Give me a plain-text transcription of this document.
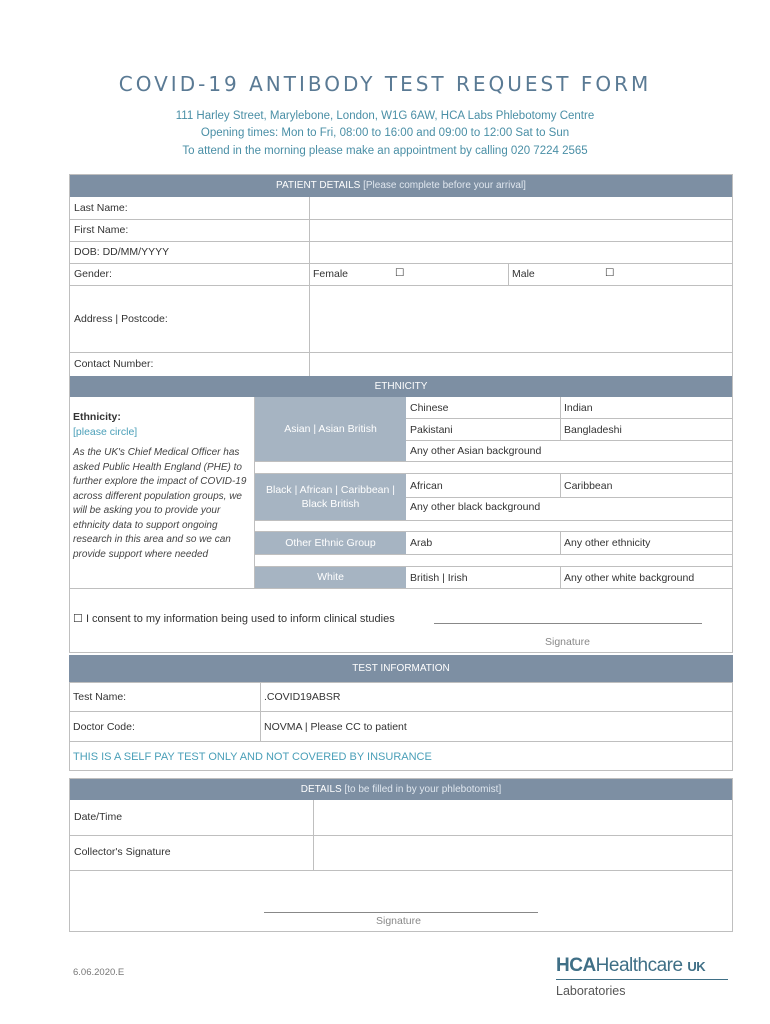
COVID-19 ANTIBODY TEST REQUEST FORM
111 Harley Street, Marylebone, London, W1G 6AW, HCA Labs Phlebotomy Centre
Opening times: Mon to Fri, 08:00 to 16:00 and 09:00 to 12:00 Sat to Sun
To attend in the morning please make an appointment by calling 020 7224 2565
PATIENT DETAILS [Please complete before your arrival]
Last Name:
First Name:
DOB: DD/MM/YYYY
Gender:	Female	☐	Male	☐
Address | Postcode:
Contact Number:
ETHNICITY
Ethnicity:
[please circle]
As the UK's Chief Medical Officer has asked Public Health England (PHE) to further explore the impact of COVID-19 across different population groups, we will be asking you to provide your ethnicity data to support ongoing research in this area and so we can provide support where needed
Asian | Asian British
Chinese	Indian
Pakistani	Bangladeshi
Any other Asian background
Black | African | Caribbean | Black British
African	Caribbean
Any other black background
Other Ethnic Group	Arab	Any other ethnicity
White	British | Irish	Any other white background
☐ I consent to my information being used to inform clinical studies
Signature
TEST INFORMATION
Test Name:	.COVID19ABSR
Doctor Code:	NOVMA | Please CC to patient
THIS IS A SELF PAY TEST ONLY AND NOT COVERED BY INSURANCE
DETAILS [to be filled in by your phlebotomist]
Date/Time
Collector's Signature
Signature
6.06.2020.E	HCAHealthcare UK
Laboratories
